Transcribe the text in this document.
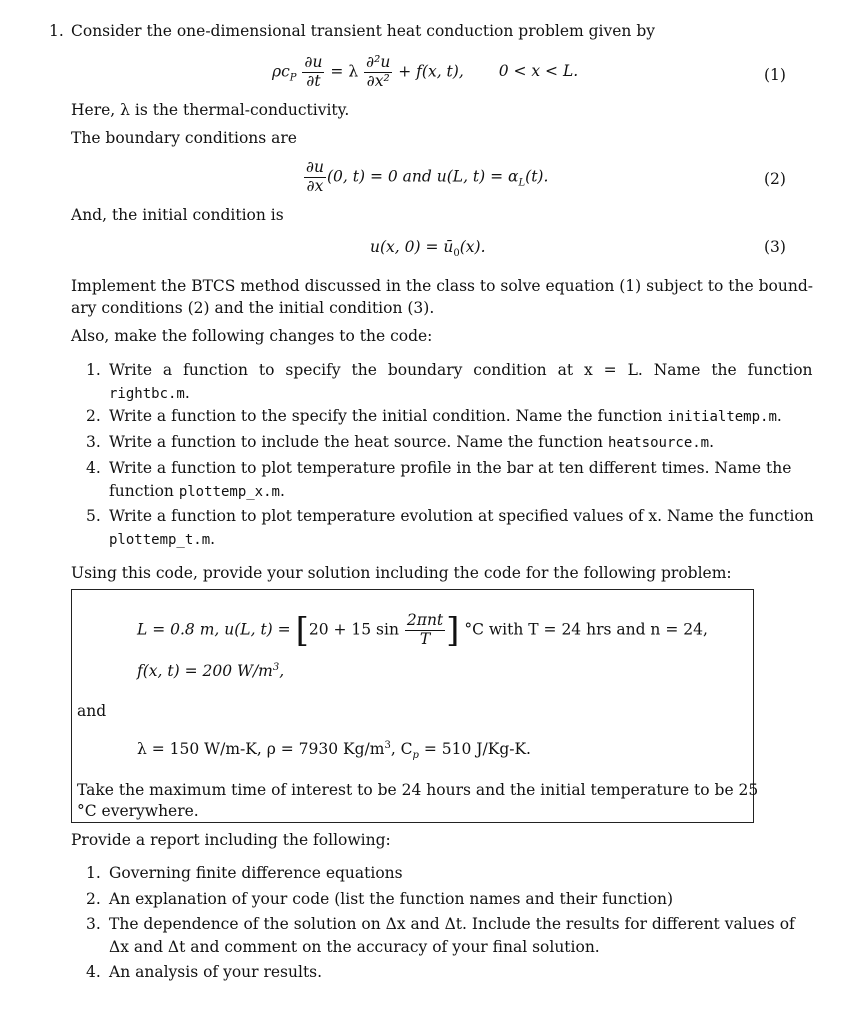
1. Consider the one-dimensional transient heat conduction problem given by
$\rho c_P \frac{\partial u}{\partial t} = \lambda \frac{\text{∂²u}}{\text{∂x²}} + f(x$, t), 0 < x < L.	(1)
Here, λ is the thermal-conductivity.
The boundary conditions are
$\frac{\partial u}{\partial x} (0$, t) = 0 and u(L, $t) = \alpha_L(t)$.	(2)
And, the initial condition is
u(x, $0) = ū_0(x)$.	(3)
Implement the BTCS method discussed in the class to solve equation (1) subject to the bound-
ary conditions (2) and the initial condition (3).
Also, make the following changes to the code:
1. Write a function to specify the boundary condition at x = L. Name the function
rightbc.m.
2. Write a function to the specify the initial condition. Name the function initialtemp.m.
3. Write a function to include the heat source. Name the function heatsource.m.
4. Write a function to plot temperature profile in the bar at ten different times. Name the
function plottemp_x.m.
5. Write a function to plot temperature evolution at specified values of x. Name the function
plottemp_t.m.
Using this code, provide your solution including the code for the following problem:
L = 0.8 m, u(L, t) = [20 + 15 $\sin \frac{\text{2πnt}}{T}$ ] °C with T = 24 hrs and n = 24,
f(x, t) = 200 $W/m^3$,
and
λ = 150 W/m-K, ρ = 7930 $Kg/m^3$, $C_p = 510$ J/Kg-K.
Take the maximum time of interest to be 24 hours and the initial temperature to be 25
°C everywhere.
Provide a report including the following:
1. Governing finite difference equations
2. An explanation of your code (list the function names and their function)
3. The dependence of the solution on Δx and Δt. Include the results for different values of
Δx and Δt and comment on the accuracy of your final solution.
4. An analysis of your results.
